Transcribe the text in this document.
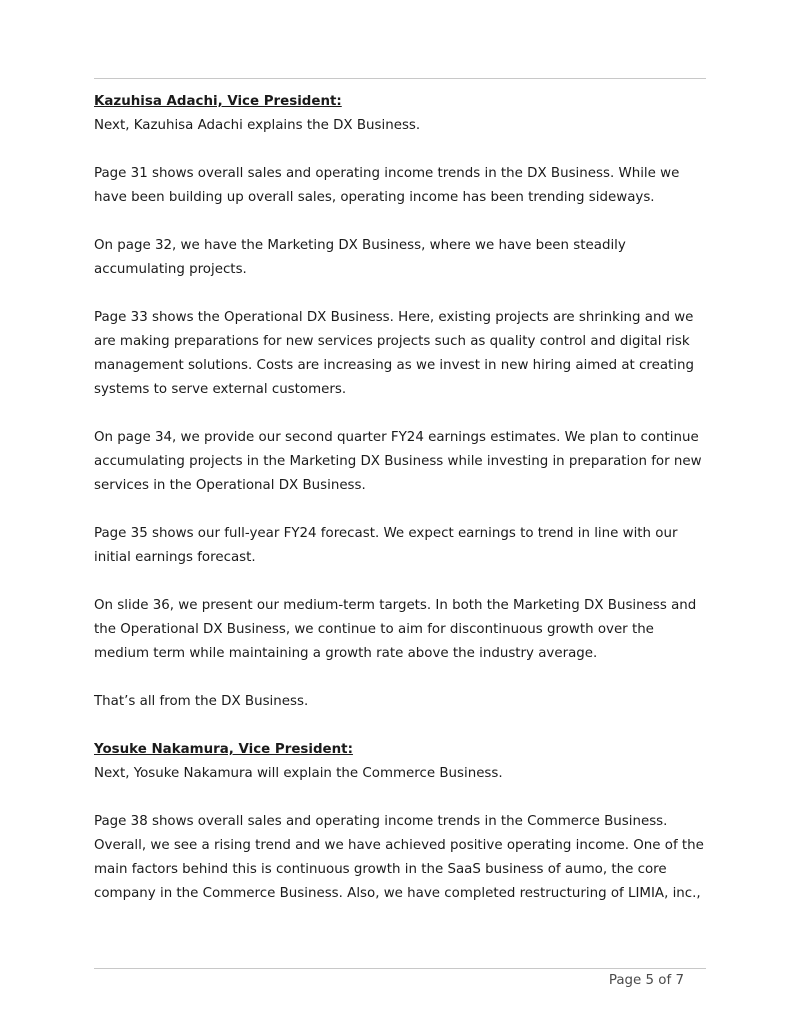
Kazuhisa Adachi, Vice President:

Next, Kazuhisa Adachi explains the DX Business.

Page 31 shows overall sales and operating income trends in the DX Business. While we have been building up overall sales, operating income has been trending sideways.

On page 32, we have the Marketing DX Business, where we have been steadily accumulating projects.

Page 33 shows the Operational DX Business. Here, existing projects are shrinking and we are making preparations for new services projects such as quality control and digital risk management solutions. Costs are increasing as we invest in new hiring aimed at creating systems to serve external customers.

On page 34, we provide our second quarter FY24 earnings estimates. We plan to continue accumulating projects in the Marketing DX Business while investing in preparation for new services in the Operational DX Business.

Page 35 shows our full-year FY24 forecast. We expect earnings to trend in line with our initial earnings forecast.

On slide 36, we present our medium-term targets. In both the Marketing DX Business and the Operational DX Business, we continue to aim for discontinuous growth over the medium term while maintaining a growth rate above the industry average.

That’s all from the DX Business.

Yosuke Nakamura, Vice President:

Next, Yosuke Nakamura will explain the Commerce Business.

Page 38 shows overall sales and operating income trends in the Commerce Business. Overall, we see a rising trend and we have achieved positive operating income. One of the main factors behind this is continuous growth in the SaaS business of aumo, the core company in the Commerce Business. Also, we have completed restructuring of LIMIA, inc.,

Page 5 of 7
